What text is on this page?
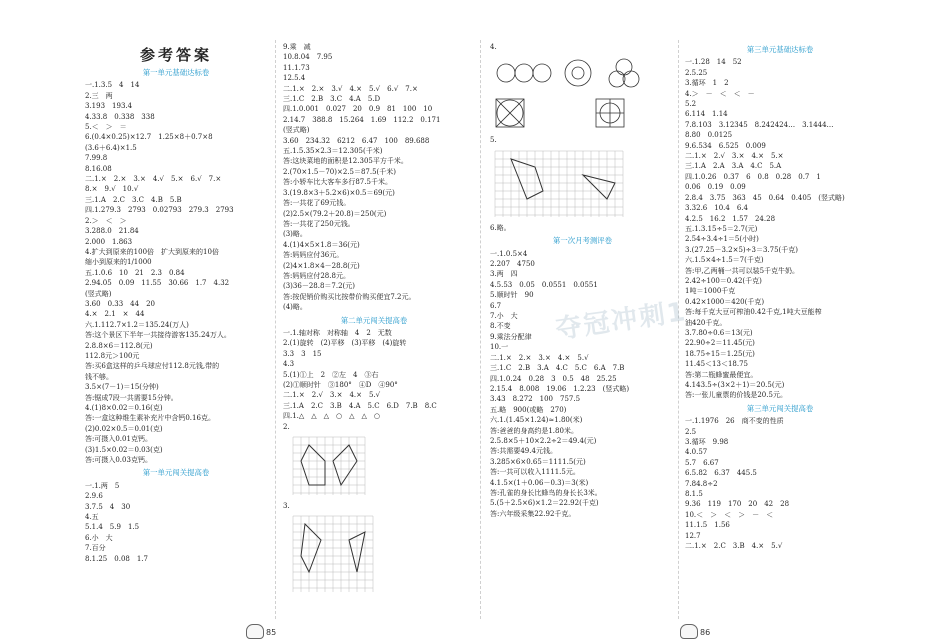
夺冠冲刺1
参考答案
第一单元基础达标卷
一.1.3.5　4　14
2.三　两
3.193　193.4
4.33.8　0.338　338
5.＜　＞　＝
6.(0.4×0.25)×12.7　1.25×8＋0.7×8
(3.6＋6.4)×1.5
7.99.8
8.16.08
二.1.×　2.×　3.×　4.√　5.×　6.√　7.×
8.×　9.√　10.√
三.1.A　2.C　3.C　4.B　5.B
四.1.279.3　2793　0.02793　279.3　2793
2.＞　＜　＞
3.288.0　21.84
2.000　1.863
4.扩大到原来的100倍　扩大到原来的10倍
缩小到原来的1/1000
五.1.0.6　10　21　2.3　0.84
2.94.05　0.09　11.55　30.66　1.7　4.32
(竖式略)
3.60　0.33　44　20
4.×　2.1　×　44
六.1.112.7×1.2＝135.24(万人)
答:这个景区下半年一共接待游客135.24万人。
2.8.8×6＝112.8(元)
112.8元＞100元
答:买6盒这样的乒乓球应付112.8元钱,带的
钱不够。
3.5×(7－1)＝15(分钟)
答:锯成7段一共需要15分钟。
4.(1)8×0.02＝0.16(克)
答:一盒这种维生素补充片中含钙0.16克。
(2)0.02×0.5＝0.01(克)
答:可摄入0.01克钙。
(3)1.5×0.02＝0.03(克)
答:可摄入0.03克钙。
第一单元闯关提高卷
一.1.两　5
2.9.6
3.7.5　4　30
4.五
5.1.4　5.9　1.5
6.小　大
7.百分
8.1.25　0.08　1.7
9.乘　减
10.8.04　7.95
11.1.73
12.5.4
二.1.×　2.×　3.√　4.×　5.√　6.√　7.×
三.1.C　2.B　3.C　4.A　5.D
四.1.0.001　0.027　20　0.9　81　100　10
2.14.7　388.8　15.264　1.69　112.2　0.171
(竖式略)
3.60　234.32　6212　6.47　100　89.688
五.1.5.35×2.3＝12.305(千米)
答:这块菜地的面积是12.305平方千米。
2.(70×1.5－70)×2.5＝87.5(千米)
答:小轿车比大客车多行87.5千米。
3.(19.8×3＋5.2×6)×0.5＝69(元)
答:一共花了69元钱。
(2)2.5×(79.2＋20.8)＝250(元)
答:一共花了250元钱。
(3)略。
4.(1)4×5×1.8＝36(元)
答:妈妈应付36元。
(2)4×1.8×4－28.8(元)
答:妈妈应付28.8元。
(3)36－28.8＝7.2(元)
答:按促销价购买比按带价购买便宜7.2元。
(4)略。
第二单元闯关提高卷
一.1.轴对称　对称轴　4　2　无数
2.(1)旋转　(2)平移　(3)平移　(4)旋转
3.3　3　15
4.3
5.(1)①上　2　②左　4　③右
(2)①顺时针　③180°　④D　④90°
二.1.×　2.√　3.×　4.×　5.√
三.1.A　2.C　3.B　4.A　5.C　6.D　7.B　8.C
四.1.△　△　△　○　△　△　○
2.
3.
4.
5.
6.略。
第一次月考测评卷
一.1.0.5×4
2.207　4750
3.两　四
4.5.53　0.05　0.0551　0.0551
5.顺时针　90
6.7
7.小　大
8.不变
9.乘法分配律
10.一
二.1.×　2.×　3.×　4.×　5.√
三.1.C　2.B　3.A　4.C　5.C　6.A　7.B
四.1.0.24　0.28　3　0.5　48　25.25
2.15.4　8.008　19.06　1.2.23　(竖式略)
3.43　8.272　100　757.5
五.略　900(或略　270)
六.1.(1.45×1.24)≈1.80(米)
答:爸爸的身高约是1.80米。
2.5.8×5＋10×2.2÷2＝49.4(元)
答:共需要49.4元钱。
3.285×6×0.65＝1111.5(元)
答:一共可以收入1111.5元。
4.1.5×(1＋0.06－0.3)＝3(米)
答:孔雀的身长比蜂鸟的身长长3米。
5.(5＋2.5×6)×1.2＝22.92(千克)
答:六年级采集22.92千克。
第三单元基础达标卷
一.1.28　14　52
2.5.25
3.循环　1　2
4.＞　－　＜　＜　－
5.2
6.114　1.14
7.8.103　3.12345　8.242424…　3.1444…
8.80　0.0125
9.6.534　6.525　0.009
二.1.×　2.√　3.×　4.×　5.×
三.1.A　2.A　3.A　4.C　5.A
四.1.0.26　0.37　6　0.8　0.28　0.7　1
0.06　0.19　0.09
2.8.4　3.75　363　45　0.64　0.405　(竖式略)
3.32.6　10.4　6.4
4.2.5　16.2　1.57　24.28
五.1.3.15÷5＝2.7(元)
2.54÷3.4÷1＝5(小时)
3.(27.25－3.2×5)÷3＝3.75(千克)
六.1.5×4÷1.5＝7(千克)
答:甲,乙两桶一共可以装5千克牛奶。
2.42÷100＝0.42(千克)
1吨＝1000千克
0.42×1000＝420(千克)
答:每千克大豆可榨油0.42千克,1吨大豆能榨
油420千克。
3.7.80÷0.6＝13(元)
22.90÷2＝11.45(元)
18.75÷15＝1.25(元)
11.45＜13＜18.75
答:第二瓶蜂蜜最便宜。
4.143.5÷(3×2＋1)＝20.5(元)
答:一张儿童票的价钱是20.5元。
第三单元闯关提高卷
一.1.1976　26　商不变的性质
2.5
3.循环　9.98
4.0.57
5.7　6.67
6.5.82　6.37　445.5
7.84.8÷2
8.1.5
9.36　119　170　20　42　28
10.＜　＞　＜　＞　－　＜
11.1.5　1.56
12.7
二.1.×　2.C　3.B　4.×　5.√
85	86
